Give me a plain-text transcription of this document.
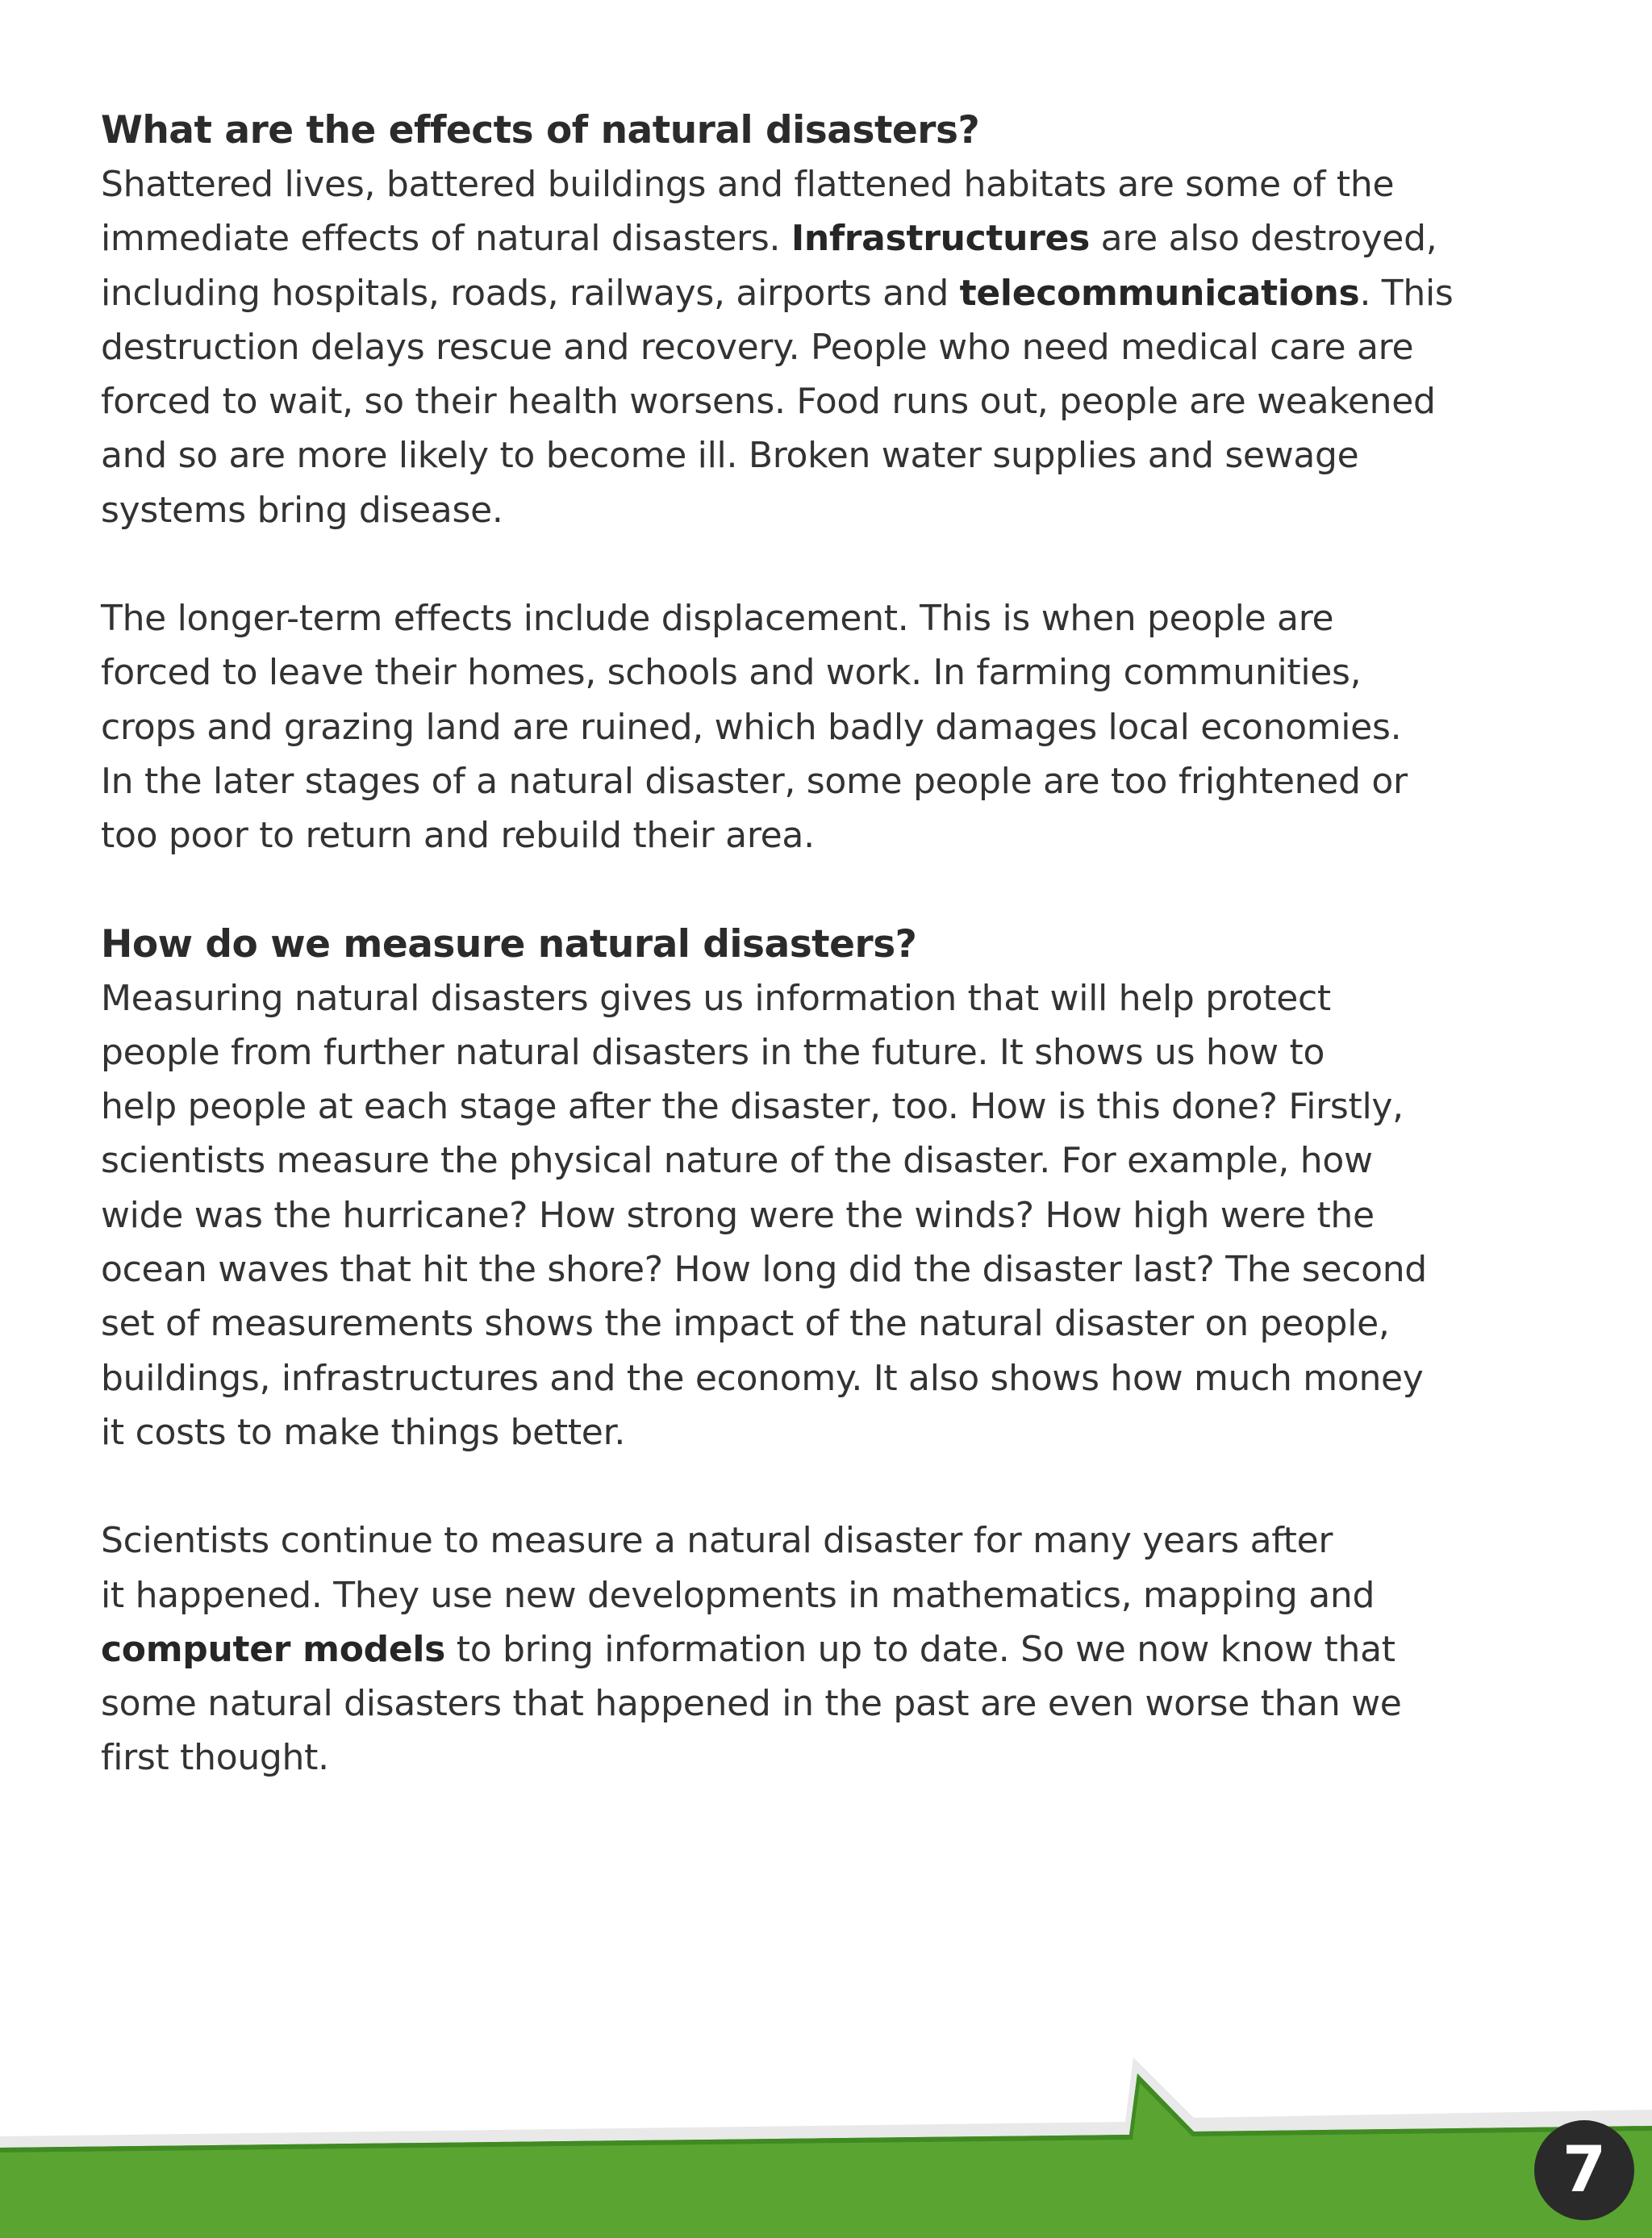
What are the effects of natural disasters?

Shattered lives, battered buildings and flattened habitats are some of the
immediate effects of natural disasters. Infrastructures are also destroyed,
including hospitals, roads, railways, airports and telecommunications. This
destruction delays rescue and recovery. People who need medical care are
forced to wait, so their health worsens. Food runs out, people are weakened
and so are more likely to become ill. Broken water supplies and sewage
systems bring disease.

The longer-term effects include displacement. This is when people are
forced to leave their homes, schools and work. In farming communities,
crops and grazing land are ruined, which badly damages local economies.
In the later stages of a natural disaster, some people are too frightened or
too poor to return and rebuild their area.

How do we measure natural disasters?

Measuring natural disasters gives us information that will help protect
people from further natural disasters in the future. It shows us how to
help people at each stage after the disaster, too. How is this done? Firstly,
scientists measure the physical nature of the disaster. For example, how
wide was the hurricane? How strong were the winds? How high were the
ocean waves that hit the shore? How long did the disaster last? The second
set of measurements shows the impact of the natural disaster on people,
buildings, infrastructures and the economy. It also shows how much money
it costs to make things better.

Scientists continue to measure a natural disaster for many years after
it happened. They use new developments in mathematics, mapping and
computer models to bring information up to date. So we now know that
some natural disasters that happened in the past are even worse than we
first thought.

7
